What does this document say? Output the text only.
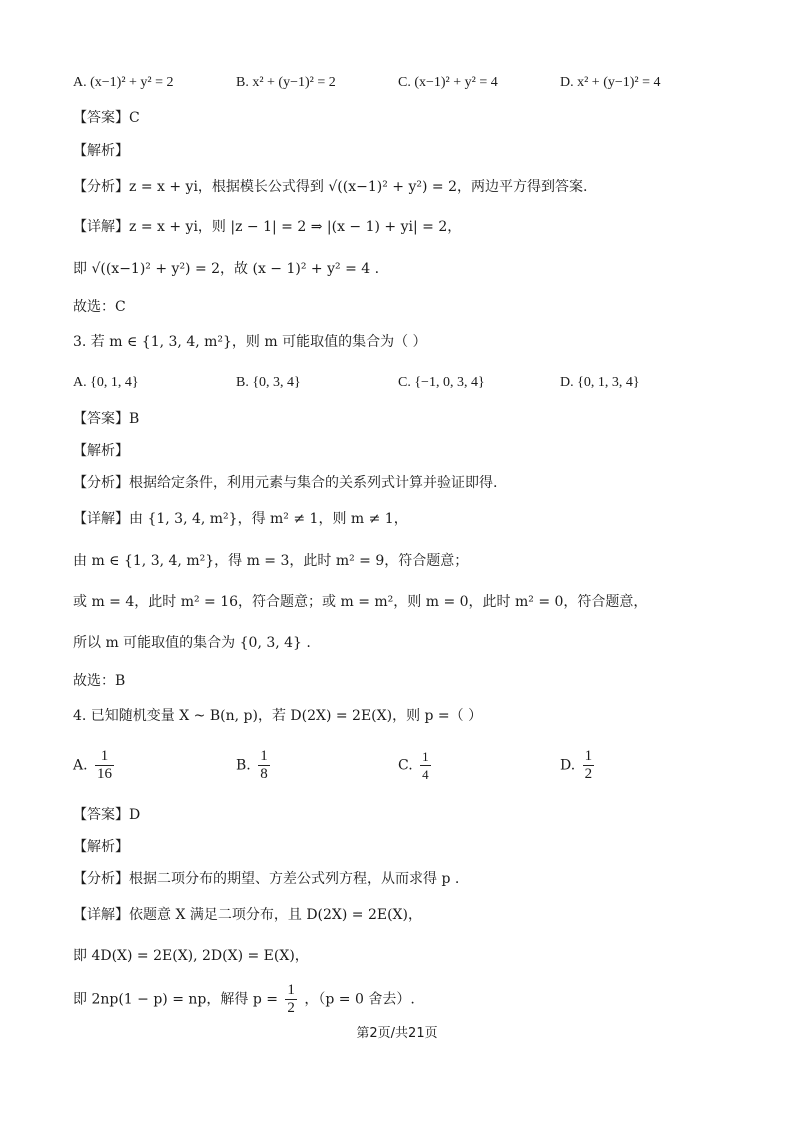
A. (x−1)² + y² = 2	B. x² + (y−1)² = 2	C. (x−1)² + y² = 4	D. x² + (y−1)² = 4
【答案】C
【解析】
【分析】z = x + yi，根据模长公式得到 √((x−1)² + y²) = 2，两边平方得到答案.
【详解】z = x + yi，则 |z − 1| = 2 ⇒ |(x − 1) + yi| = 2，
即 √((x−1)² + y²) = 2，故 (x − 1)² + y² = 4 .
故选：C
3. 若 m ∈ {1, 3, 4, m²}，则 m 可能取值的集合为（ ）
A. {0, 1, 4}	B. {0, 3, 4}	C. {−1, 0, 3, 4}	D. {0, 1, 3, 4}
【答案】B
【解析】
【分析】根据给定条件，利用元素与集合的关系列式计算并验证即得.
【详解】由 {1, 3, 4, m²}，得 m² ≠ 1，则 m ≠ 1，
由 m ∈ {1, 3, 4, m²}，得 m = 3，此时 m² = 9，符合题意；
或 m = 4，此时 m² = 16，符合题意；或 m = m²，则 m = 0，此时 m² = 0，符合题意，
所以 m 可能取值的集合为 {0, 3, 4} .
故选：B
4. 已知随机变量 X ~ B(n, p)，若 D(2X) = 2E(X)，则 p =（ ）
A. $\frac{1}{16}$	B. $\frac{1}{8}$	C. $\frac{1}{4}$	D. $\frac{1}{2}$
【答案】D
【解析】
【分析】根据二项分布的期望、方差公式列方程，从而求得 p .
【详解】依题意 X 满足二项分布，且 D(2X) = 2E(X)，
即 4D(X) = 2E(X), 2D(X) = E(X)，
即 2np(1 − p) = np，解得 $p = \frac{1}{2}$ ，（p = 0 舍去）.
第2页/共21页
